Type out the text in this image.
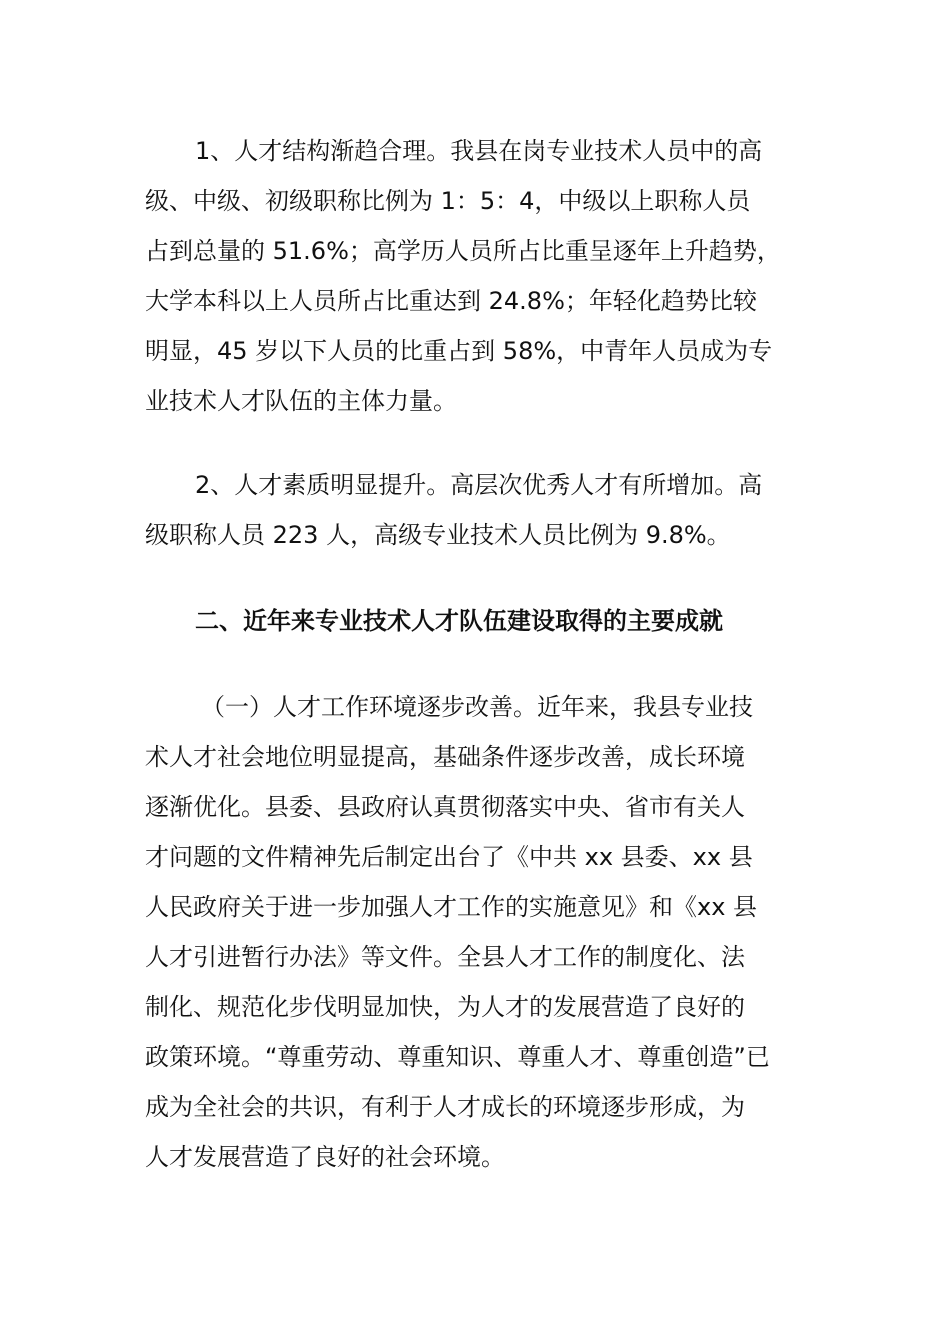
1、人才结构渐趋合理。我县在岗专业技术人员中的高
级、中级、初级职称比例为 1：5：4，中级以上职称人员
占到总量的 51.6%；高学历人员所占比重呈逐年上升趋势，
大学本科以上人员所占比重达到 24.8%；年轻化趋势比较
明显，45 岁以下人员的比重占到 58%，中青年人员成为专
业技术人才队伍的主体力量。

2、人才素质明显提升。高层次优秀人才有所增加。高
级职称人员 223 人，高级专业技术人员比例为 9.8%。

二、近年来专业技术人才队伍建设取得的主要成就

（一）人才工作环境逐步改善。近年来，我县专业技
术人才社会地位明显提高，基础条件逐步改善，成长环境
逐渐优化。县委、县政府认真贯彻落实中央、省市有关人
才问题的文件精神先后制定出台了《中共 xx 县委、xx 县
人民政府关于进一步加强人才工作的实施意见》和《xx 县
人才引进暂行办法》等文件。全县人才工作的制度化、法
制化、规范化步伐明显加快，为人才的发展营造了良好的
政策环境。“尊重劳动、尊重知识、尊重人才、尊重创造”已
成为全社会的共识，有利于人才成长的环境逐步形成，为
人才发展营造了良好的社会环境。
